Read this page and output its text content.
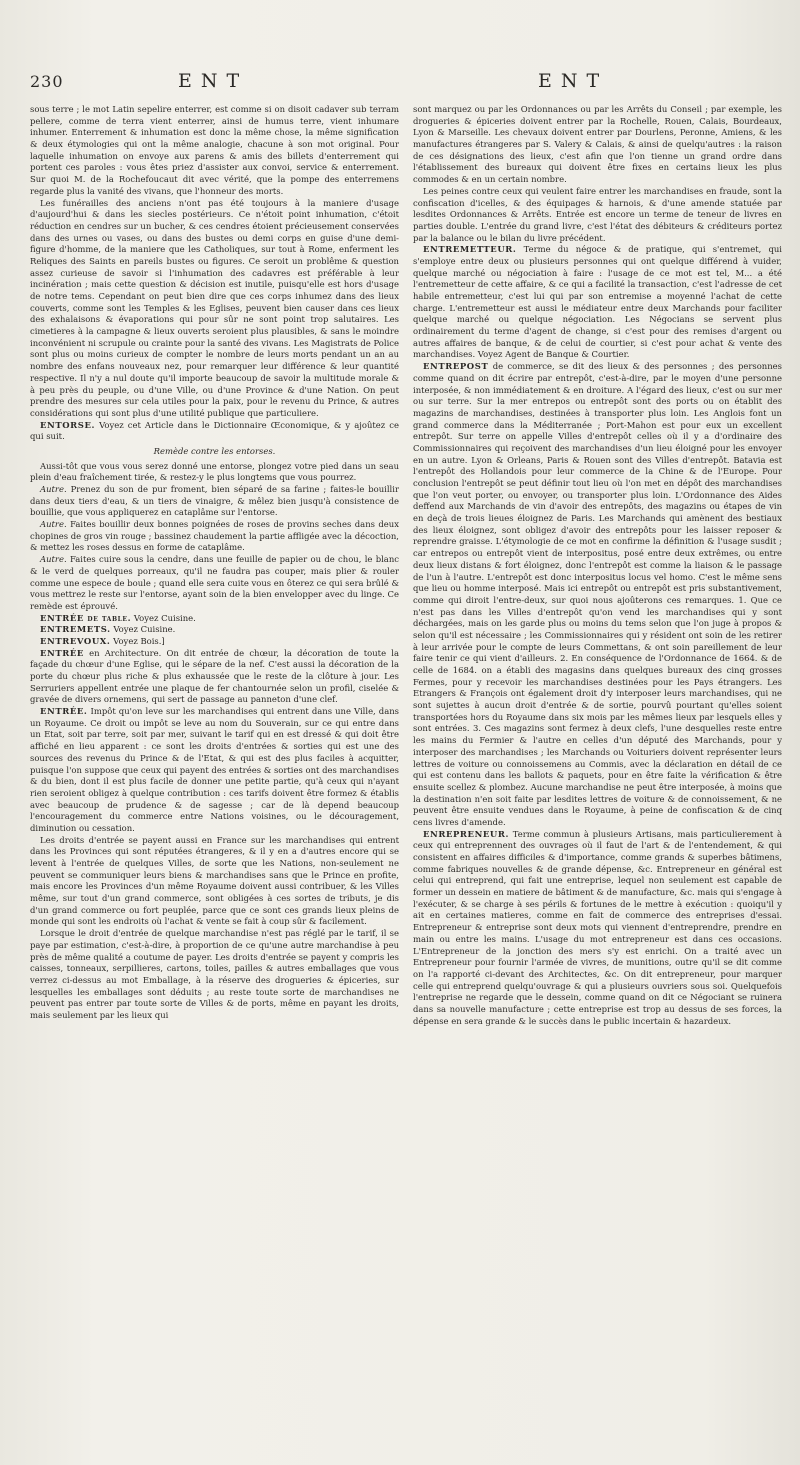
230	ENT	ENT

sous terre ; le mot Latin sepelire enterrer, est comme si on disoit cadaver sub terram pellere, comme de terra vient enterrer, ainsi de humus terre, vient inhumare inhumer. Enterrement & inhumation est donc la même chose, la même signification & deux étymologies qui ont la même analogie, chacune à son mot original. Pour laquelle inhumation on envoye aux parens & amis des billets d'enterrement qui portent ces paroles : vous êtes priez d'assister aux convoi, service & enterrement. Sur quoi M. de la Rochefoucaut dit avec vérité, que la pompe des enterremens regarde plus la vanité des vivans, que l'honneur des morts.

Les funérailles des anciens n'ont pas été toujours à la maniere d'usage d'aujourd'hui & dans les siecles postérieurs. Ce n'étoit point inhumation, c'étoit réduction en cendres sur un bucher, & ces cendres étoient précieusement conservées dans des urnes ou vases, ou dans des bustes ou demi corps en guise d'une demi-figure d'homme, de la maniere que les Catholiques, sur tout à Rome, enferment les Reliques des Saints en pareils bustes ou figures. Ce seroit un problême & question assez curieuse de savoir si l'inhumation des cadavres est préférable à leur incinération ; mais cette question & décision est inutile, puisqu'elle est hors d'usage de notre tems. Cependant on peut bien dire que ces corps inhumez dans des lieux couverts, comme sont les Temples & les Eglises, peuvent bien causer dans ces lieux des exhalaisons & évaporations qui pour sûr ne sont point trop salutaires. Les cimetieres à la campagne & lieux ouverts seroient plus plausibles, & sans le moindre inconvénient ni scrupule ou crainte pour la santé des vivans. Les Magistrats de Police sont plus ou moins curieux de compter le nombre de leurs morts pendant un an au nombre des enfans nouveaux nez, pour remarquer leur différence & leur quantité respective. Il n'y a nul doute qu'il importe beaucoup de savoir la multitude morale & à peu près du peuple, ou d'une Ville, ou d'une Province & d'une Nation. On peut prendre des mesures sur cela utiles pour la paix, pour le revenu du Prince, & autres considérations qui sont plus d'une utilité publique que particuliere.

ENTORSE. Voyez cet Article dans le Dictionnaire Œconomique, & y ajoûtez ce qui suit.

Remède contre les entorses.

Aussi-tôt que vous vous serez donné une entorse, plongez votre pied dans un seau plein d'eau fraîchement tirée, & restez-y le plus longtems que vous pourrez.

Autre. Prenez du son de pur froment, bien séparé de sa farine ; faites-le bouillir dans deux tiers d'eau, & un tiers de vinaigre, & mêlez bien jusqu'à consistence de bouillie, que vous appliquerez en cataplâme sur l'entorse.

Autre. Faites bouillir deux bonnes poignées de roses de provins seches dans deux chopines de gros vin rouge ; bassinez chaudement la partie affligée avec la décoction, & mettez les roses dessus en forme de cataplâme.

Autre. Faites cuire sous la cendre, dans une feuille de papier ou de chou, le blanc & le verd de quelques porreaux, qu'il ne faudra pas couper, mais plier & rouler comme une espece de boule ; quand elle sera cuite vous en ôterez ce qui sera brûlé & vous mettrez le reste sur l'entorse, ayant soin de la bien envelopper avec du linge. Ce remède est éprouvé.

ENTRÉE de table. Voyez Cuisine.

ENTREMETS. Voyez Cuisine.

ENTREVOUX. Voyez Bois.]

ENTRÉE en Architecture. On dit entrée de chœur, la décoration de toute la façade du chœur d'une Eglise, qui le sépare de la nef. C'est aussi la décoration de la porte du chœur plus riche & plus exhaussée que le reste de la clôture à jour. Les Serruriers appellent entrée une plaque de fer chantournée selon un profil, ciselée & gravée de divers ornemens, qui sert de passage au panneton d'une clef.

ENTRÉE. Impôt qu'on leve sur les marchandises qui entrent dans une Ville, dans un Royaume. Ce droit ou impôt se leve au nom du Souverain, sur ce qui entre dans un Etat, soit par terre, soit par mer, suivant le tarif qui en est dressé & qui doit être affiché en lieu apparent : ce sont les droits d'entrées & sorties qui est une des sources des revenus du Prince & de l'Etat, & qui est des plus faciles à acquitter, puisque l'on suppose que ceux qui payent des entrées & sorties ont des marchandises & du bien, dont il est plus facile de donner une petite partie, qu'à ceux qui n'ayant rien seroient obligez à quelque contribution : ces tarifs doivent être formez & établis avec beaucoup de prudence & de sagesse ; car de là depend beaucoup l'encouragement du commerce entre Nations voisines, ou le découragement, diminution ou cessation.

Les droits d'entrée se payent aussi en France sur les marchandises qui entrent dans les Provinces qui sont réputées étrangeres, & il y en a d'autres encore qui se levent à l'entrée de quelques Villes, de sorte que les Nations, non-seulement ne peuvent se communiquer leurs biens & marchandises sans que le Prince en profite, mais encore les Provinces d'un même Royaume doivent aussi contribuer, & les Villes même, sur tout d'un grand commerce, sont obligées à ces sortes de tributs, je dis d'un grand commerce ou fort peuplée, parce que ce sont ces grands lieux pleins de monde qui sont les endroits où l'achat & vente se fait à coup sûr & facilement.

Lorsque le droit d'entrée de quelque marchandise n'est pas réglé par le tarif, il se paye par estimation, c'est-à-dire, à proportion de ce qu'une autre marchandise à peu près de même qualité a coutume de payer. Les droits d'entrée se payent y compris les caisses, tonneaux, serpillieres, cartons, toiles, pailles & autres emballages que vous verrez ci-dessus au mot Emballage, à la réserve des drogueries & épiceries, sur lesquelles les emballages sont déduits ; au reste toute sorte de marchandises ne peuvent pas entrer par toute sorte de Villes & de ports, même en payant les droits, mais seulement par les lieux qui

sont marquez ou par les Ordonnances ou par les Arrêts du Conseil ; par exemple, les drogueries & épiceries doivent entrer par la Rochelle, Rouen, Calais, Bourdeaux, Lyon & Marseille. Les chevaux doivent entrer par Dourlens, Peronne, Amiens, & les manufactures étrangeres par S. Valery & Calais, & ainsi de quelqu'autres : la raison de ces désignations des lieux, c'est afin que l'on tienne un grand ordre dans l'établissement des bureaux qui doivent être fixes en certains lieux les plus commodes & en un certain nombre.

Les peines contre ceux qui veulent faire entrer les marchandises en fraude, sont la confiscation d'icelles, & des équipages & harnois, & d'une amende statuée par lesdites Ordonnances & Arrêts. Entrée est encore un terme de teneur de livres en parties double. L'entrée du grand livre, c'est l'état des débiteurs & créditeurs portez par la balance ou le bilan du livre précédent.

ENTREMETTEUR. Terme du négoce & de pratique, qui s'entremet, qui s'employe entre deux ou plusieurs personnes qui ont quelque différend à vuider, quelque marché ou négociation à faire : l'usage de ce mot est tel, M... a été l'entremetteur de cette affaire, & ce qui a facilité la transaction, c'est l'adresse de cet habile entremetteur, c'est lui qui par son entremise a moyenné l'achat de cette charge. L'entremetteur est aussi le médiateur entre deux Marchands pour faciliter quelque marché ou quelque négociation. Les Négocians se servent plus ordinairement du terme d'agent de change, si c'est pour des remises d'argent ou autres affaires de banque, & de celui de courtier, si c'est pour achat & vente des marchandises. Voyez Agent de Banque & Courtier.

ENTREPOST de commerce, se dit des lieux & des personnes ; des personnes comme quand on dit écrire par entrepôt, c'est-à-dire, par le moyen d'une personne interposée, & non immédiatement & en droiture. A l'égard des lieux, c'est ou sur mer ou sur terre. Sur la mer entrepos ou entrepôt sont des ports ou on établit des magazins de marchandises, destinées à transporter plus loin. Les Anglois font un grand commerce dans la Méditerranée ; Port-Mahon est pour eux un excellent entrepôt. Sur terre on appelle Villes d'entrepôt celles où il y a d'ordinaire des Commissionnaires qui reçoivent des marchandises d'un lieu éloigné pour les envoyer en un autre. Lyon & Orleans, Paris & Rouen sont des Villes d'entrepôt. Batavia est l'entrepôt des Hollandois pour leur commerce de la Chine & de l'Europe. Pour conclusion l'entrepôt se peut définir tout lieu où l'on met en dépôt des marchandises que l'on veut porter, ou envoyer, ou transporter plus loin. L'Ordonnance des Aides deffend aux Marchands de vin d'avoir des entrepôts, des magazins ou étapes de vin en deçà de trois lieues éloignez de Paris. Les Marchands qui amènent des bestiaux des lieux éloignez, sont obligez d'avoir des entrepôts pour les laisser reposer & reprendre graisse. L'étymologie de ce mot en confirme la définition & l'usage susdit ; car entrepos ou entrepôt vient de interpositus, posé entre deux extrêmes, ou entre deux lieux distans & fort éloignez, donc l'entrepôt est comme la liaison & le passage de l'un à l'autre. L'entrepôt est donc interpositus locus vel homo. C'est le même sens que lieu ou homme interposé. Mais ici entrepôt ou entrepôt est pris substantivement, comme qui diroit l'entre-deux, sur quoi nous ajoûterons ces remarques. 1. Que ce n'est pas dans les Villes d'entrepôt qu'on vend les marchandises qui y sont déchargées, mais on les garde plus ou moins du tems selon que l'on juge à propos & selon qu'il est nécessaire ; les Commissionnaires qui y résident ont soin de les retirer à leur arrivée pour le compte de leurs Commettans, & ont soin pareillement de leur faire tenir ce qui vient d'ailleurs. 2. En conséquence de l'Ordonnance de 1664. & de celle de 1684. on a établi des magasins dans quelques bureaux des cinq grosses Fermes, pour y recevoir les marchandises destinées pour les Pays étrangers. Les Etrangers & François ont également droit d'y interposer leurs marchandises, qui ne sont sujettes à aucun droit d'entrée & de sortie, pourvû pourtant qu'elles soient transportées hors du Royaume dans six mois par les mêmes lieux par lesquels elles y sont entrées. 3. Ces magazins sont fermez à deux clefs, l'une desquelles reste entre les mains du Fermier & l'autre en celles d'un député des Marchands, pour y interposer des marchandises ; les Marchands ou Voituriers doivent représenter leurs lettres de voiture ou connoissemens au Commis, avec la déclaration en détail de ce qui est contenu dans les ballots & paquets, pour en être faite la vérification & être ensuite scellez & plombez. Aucune marchandise ne peut être interposée, à moins que la destination n'en soit faite par lesdites lettres de voiture & de connoissement, & ne peuvent être ensuite vendues dans le Royaume, à peine de confiscation & de cinq cens livres d'amende.

ENREPRENEUR. Terme commun à plusieurs Artisans, mais particulierement à ceux qui entreprennent des ouvrages où il faut de l'art & de l'entendement, & qui consistent en affaires difficiles & d'importance, comme grands & superbes bâtimens, comme fabriques nouvelles & de grande dépense, &c. Entrepreneur en général est celui qui entreprend, qui fait une entreprise, lequel non seulement est capable de former un dessein en matiere de bâtiment & de manufacture, &c. mais qui s'engage à l'exécuter, & se charge à ses périls & fortunes de le mettre à exécution : quoiqu'il y ait en certaines matieres, comme en fait de commerce des entreprises d'essai. Entrepreneur & entreprise sont deux mots qui viennent d'entreprendre, prendre en main ou entre les mains. L'usage du mot entrepreneur est dans ces occasions. L'Entrepreneur de la jonction des mers s'y est enrichi. On a traité avec un Entrepreneur pour fournir l'armée de vivres, de munitions, outre qu'il se dit comme on l'a rapporté ci-devant des Architectes, &c. On dit entrepreneur, pour marquer celle qui entreprend quelqu'ouvrage & qui a plusieurs ouvriers sous soi. Quelquefois l'entreprise ne regarde que le dessein, comme quand on dit ce Négociant se ruinera dans sa nouvelle manufacture ; cette entreprise est trop au dessus de ses forces, la dépense en sera grande & le succès dans le public incertain & hazardeux.
